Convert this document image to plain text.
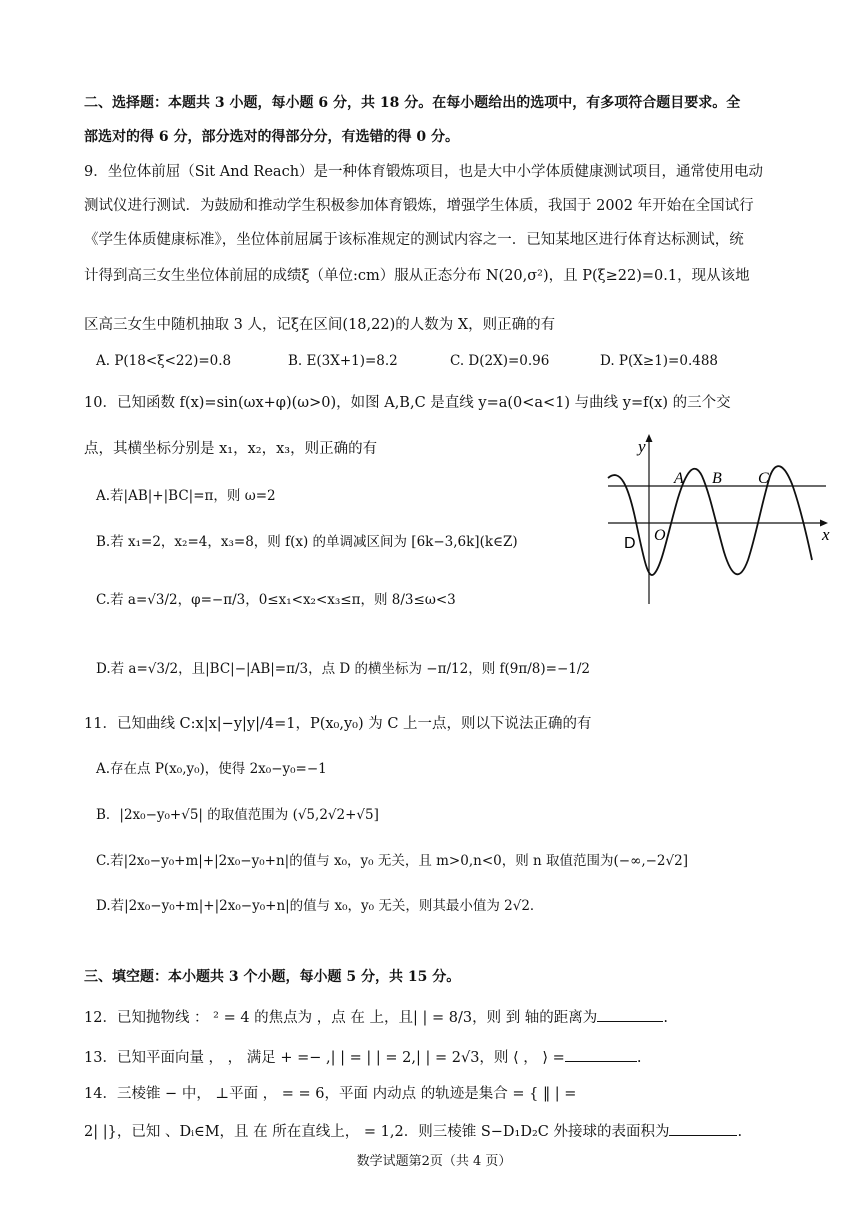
二、选择题：本题共 3 小题，每小题 6 分，共 18 分。在每小题给出的选项中，有多项符合题目要求。全
部选对的得 6 分，部分选对的得部分分，有选错的得 0 分。
9．坐位体前屈（Sit And Reach）是一种体育锻炼项目，也是大中小学体质健康测试项目，通常使用电动
测试仪进行测试．为鼓励和推动学生积极参加体育锻炼，增强学生体质，我国于 2002 年开始在全国试行
《学生体质健康标准》，坐位体前屈属于该标准规定的测试内容之一．已知某地区进行体育达标测试，统
计得到高三女生坐位体前屈的成绩ξ（单位:cm）服从正态分布 N(20,σ²)，且 P(ξ≥22)=0.1，现从该地
区高三女生中随机抽取 3 人，记ξ在区间(18,22)的人数为 X，则正确的有
A. P(18<ξ<22)=0.8	B. E(3X+1)=8.2	C. D(2X)=0.96	D. P(X≥1)=0.488
10．已知函数 f(x)=sin(ωx+φ)(ω>0)，如图 A,B,C 是直线 y=a(0<a<1) 与曲线 y=f(x) 的三个交
点，其横坐标分别是 x₁，x₂，x₃，则正确的有
A.若|AB|+|BC|=π，则 ω=2
B.若 x₁=2，x₂=4，x₃=8，则 f(x) 的单调减区间为 [6k−3,6k](k∈Z)
C.若 a=√3/2，φ=−π/3，0≤x₁<x₂<x₃≤π，则 8/3≤ω<3
D.若 a=√3/2，且|BC|−|AB|=π/3，点 D 的横坐标为 −π/12，则 f(9π/8)=−1/2
y
x
O
A B C
D
11．已知曲线 C:x|x|−y|y|/4=1，P(x₀,y₀) 为 C 上一点，则以下说法正确的有
A.存在点 P(x₀,y₀)，使得 2x₀−y₀=−1
B．|2x₀−y₀+√5| 的取值范围为 (√5,2√2+√5]
C.若|2x₀−y₀+m|+|2x₀−y₀+n|的值与 x₀，y₀ 无关，且 m>0,n<0，则 n 取值范围为(−∞,−2√2]
D.若|2x₀−y₀+m|+|2x₀−y₀+n|的值与 x₀，y₀ 无关，则其最小值为 2√2．
三、填空题：本小题共 3 个小题，每小题 5 分，共 15 分。
12．已知抛物线 ： ² = 4 的焦点为 ，点 在 上，且| | = 8/3，则 到 轴的距离为	.
13．已知平面向量 ， ， 满足 + =− ,| | = | | = 2,| | = 2√3，则 ⟨ ， ⟩ =	.
14．三棱锥 − 中， ⊥平面 ， = = 6，平面 内动点 的轨迹是集合 = { ‖ | =
2| |}，已知 、Dᵢ∈M，且 在 所在直线上， = 1,2．则三棱锥 S−D₁D₂C 外接球的表面积为	.
数学试题第2页（共 4 页）
